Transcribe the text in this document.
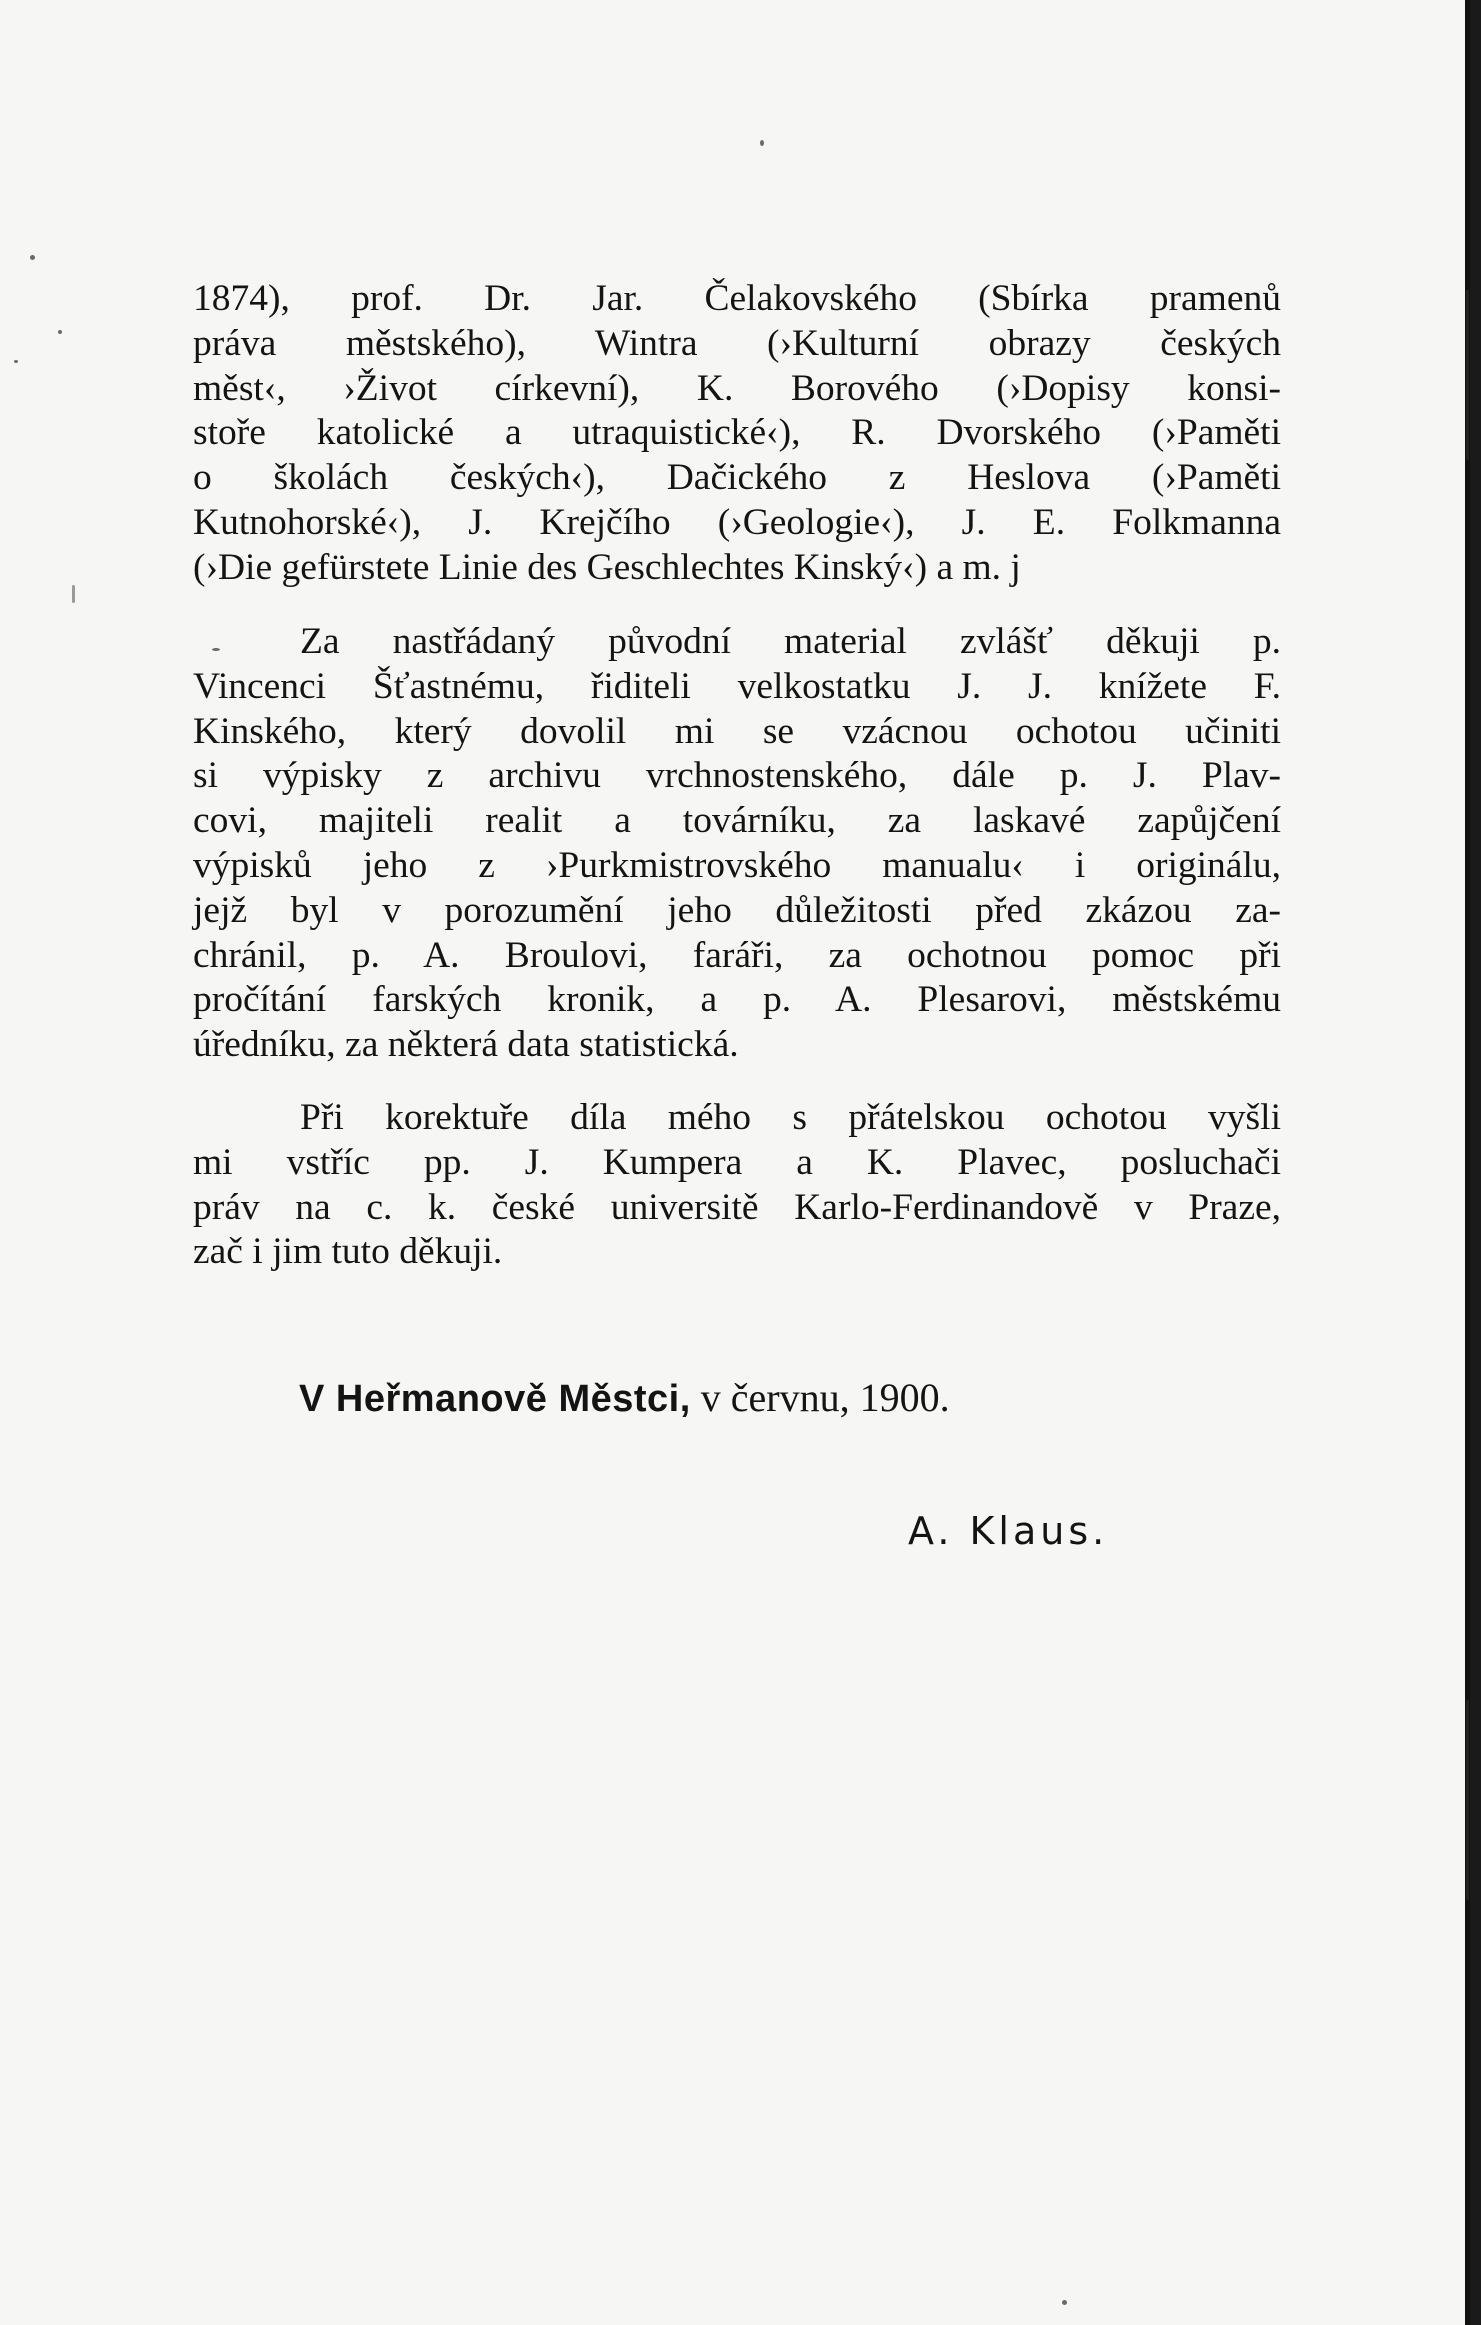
1874), prof. Dr. Jar. Čelakovského (Sbírka pramenů
práva městského), Wintra (›Kulturní obrazy českých
měst‹, ›Život církevní), K. Borového (›Dopisy konsi-
stoře katolické a utraquistické‹), R. Dvorského (›Paměti
o školách českých‹), Dačického z Heslova (›Paměti
Kutnohorské‹), J. Krejčího (›Geologie‹), J. E. Folkmanna
(›Die gefürstete Linie des Geschlechtes Kinský‹) a m. j
Za nastřádaný původní material zvlášť děkuji p.
Vincenci Šťastnému, řiditeli velkostatku J. J. knížete F.
Kinského, který dovolil mi se vzácnou ochotou učiniti
si výpisky z archivu vrchnostenského, dále p. J. Plav-
covi, majiteli realit a továrníku, za laskavé zapůjčení
výpisků jeho z ›Purkmistrovského manualu‹ i originálu,
jejž byl v porozumění jeho důležitosti před zkázou za-
chránil, p. A. Broulovi, faráři, za ochotnou pomoc při
pročítání farských kronik, a p. A. Plesarovi, městskému
úředníku, za některá data statistická.
Při korektuře díla mého s přátelskou ochotou vyšli
mi vstříc pp. J. Kumpera a K. Plavec, posluchači
práv na c. k. české universitě Karlo-Ferdinandově v Praze,
zač i jim tuto děkuji.
V Heřmanově Městci, v červnu, 1900.
A. Klaus.
